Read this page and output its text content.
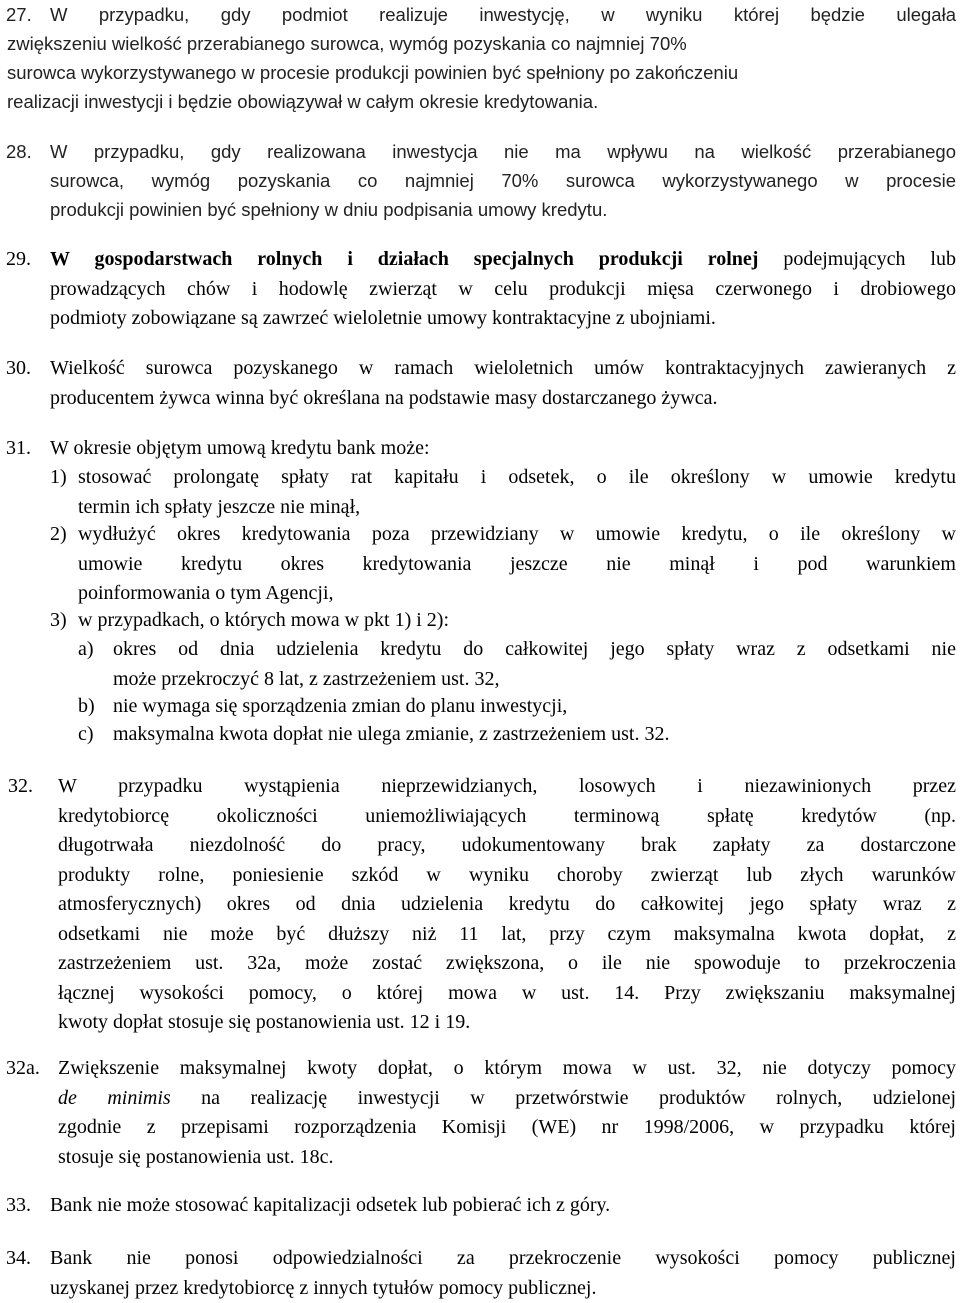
27. W przypadku, gdy podmiot realizuje inwestycję, w wyniku której będzie ulegała
zwiększeniu wielkość przerabianego surowca, wymóg pozyskania co najmniej 70%
surowca wykorzystywanego w procesie produkcji powinien być spełniony po zakończeniu
realizacji inwestycji i będzie obowiązywał w całym okresie kredytowania.
28. W przypadku, gdy realizowana inwestycja nie ma wpływu na wielkość przerabianego
surowca, wymóg pozyskania co najmniej 70% surowca wykorzystywanego w procesie
produkcji powinien być spełniony w dniu podpisania umowy kredytu.
29. W gospodarstwach rolnych i działach specjalnych produkcji rolnej podejmujących lub
prowadzących chów i hodowlę zwierząt w celu produkcji mięsa czerwonego i drobiowego
podmioty zobowiązane są zawrzeć wieloletnie umowy kontraktacyjne z ubojniami.
30. Wielkość surowca pozyskanego w ramach wieloletnich umów kontraktacyjnych zawieranych z
producentem żywca winna być określana na podstawie masy dostarczanego żywca.
31. W okresie objętym umową kredytu bank może:
1) stosować prolongatę spłaty rat kapitału i odsetek, o ile określony w umowie kredytu
termin ich spłaty jeszcze nie minął,
2) wydłużyć okres kredytowania poza przewidziany w umowie kredytu, o ile określony w
umowie kredytu okres kredytowania jeszcze nie minął i pod warunkiem
poinformowania o tym Agencji,
3) w przypadkach, o których mowa w pkt 1) i 2):
a) okres od dnia udzielenia kredytu do całkowitej jego spłaty wraz z odsetkami nie
może przekroczyć 8 lat, z zastrzeżeniem ust. 32,
b) nie wymaga się sporządzenia zmian do planu inwestycji,
c) maksymalna kwota dopłat nie ulega zmianie, z zastrzeżeniem ust. 32.
32. W przypadku wystąpienia nieprzewidzianych, losowych i niezawinionych przez
kredytobiorcę okoliczności uniemożliwiających terminową spłatę kredytów (np.
długotrwała niezdolność do pracy, udokumentowany brak zapłaty za dostarczone
produkty rolne, poniesienie szkód w wyniku choroby zwierząt lub złych warunków
atmosferycznych) okres od dnia udzielenia kredytu do całkowitej jego spłaty wraz z
odsetkami nie może być dłuższy niż 11 lat, przy czym maksymalna kwota dopłat, z
zastrzeżeniem ust. 32a, może zostać zwiększona, o ile nie spowoduje to przekroczenia
łącznej wysokości pomocy, o której mowa w ust. 14. Przy zwiększaniu maksymalnej
kwoty dopłat stosuje się postanowienia ust. 12 i 19.
32a. Zwiększenie maksymalnej kwoty dopłat, o którym mowa w ust. 32, nie dotyczy pomocy
de minimis na realizację inwestycji w przetwórstwie produktów rolnych, udzielonej
zgodnie z przepisami rozporządzenia Komisji (WE) nr 1998/2006, w przypadku której
stosuje się postanowienia ust. 18c.
33. Bank nie może stosować kapitalizacji odsetek lub pobierać ich z góry.
34. Bank nie ponosi odpowiedzialności za przekroczenie wysokości pomocy publicznej
uzyskanej przez kredytobiorcę z innych tytułów pomocy publicznej.
